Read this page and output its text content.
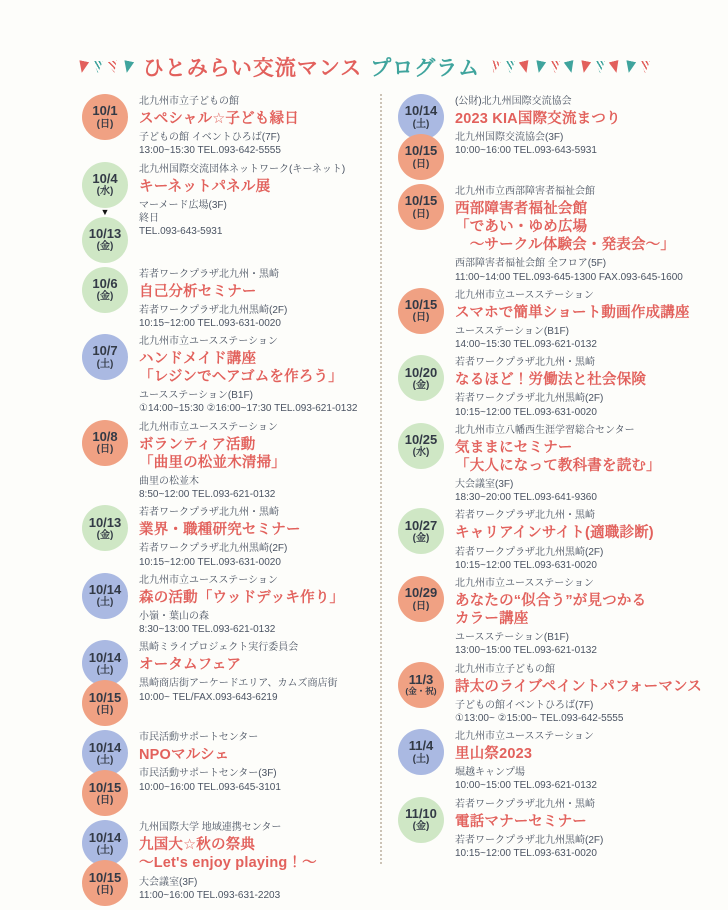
ひとみらい交流マンス プログラム
10/1
(日)
北九州市立子どもの館
スペシャル☆子ども縁日
子どもの館 イベントひろば(7F)
13:00~15:30 TEL.093-642-5555
10/4
(水)
▼
10/13
(金)
北九州国際交流団体ネットワーク(キーネット)
キーネットパネル展
マーメード広場(3F)
終日
TEL.093-643-5931
10/6
(金)
若者ワークプラザ北九州・黒崎
自己分析セミナー
若者ワークプラザ北九州黒崎(2F)
10:15~12:00 TEL.093-631-0020
10/7
(土)
北九州市立ユースステーション
ハンドメイド講座
「レジンでヘアゴムを作ろう」
ユースステーション(B1F)
①14:00~15:30 ②16:00~17:30 TEL.093-621-0132
10/8
(日)
北九州市立ユースステーション
ボランティア活動
「曲里の松並木清掃」
曲里の松並木
8:50~12:00 TEL.093-621-0132
10/13
(金)
若者ワークプラザ北九州・黒崎
業界・職種研究セミナー
若者ワークプラザ北九州黒崎(2F)
10:15~12:00 TEL.093-631-0020
10/14
(土)
北九州市立ユースステーション
森の活動「ウッドデッキ作り」
小嶺・葉山の森
8:30~13:00 TEL.093-621-0132
10/14
(土)
10/15
(日)
黒崎ミライプロジェクト実行委員会
オータムフェア
黒崎商店街アーケードエリア、カムズ商店街
10:00~ TEL/FAX.093-643-6219
10/14
(土)
10/15
(日)
市民活動サポートセンター
NPOマルシェ
市民活動サポートセンター(3F)
10:00~16:00 TEL.093-645-3101
10/14
(土)
10/15
(日)
九州国際大学 地域連携センター
九国大☆秋の祭典
～Let's enjoy playing！～
大会議室(3F)
11:00~16:00 TEL.093-631-2203
10/14
(土)
10/15
(日)
(公財)北九州国際交流協会
2023 KIA国際交流まつり
北九州国際交流協会(3F)
10:00~16:00 TEL.093-643-5931
10/15
(日)
北九州市立西部障害者福祉会館
西部障害者福祉会館
「であい・ゆめ広場
　～サークル体験会・発表会～」
西部障害者福祉会館 全フロア(5F)
11:00~14:00 TEL.093-645-1300 FAX.093-645-1600
10/15
(日)
北九州市立ユースステーション
スマホで簡単ショート動画作成講座
ユースステーション(B1F)
14:00~15:30 TEL.093-621-0132
10/20
(金)
若者ワークプラザ北九州・黒崎
なるほど！労働法と社会保険
若者ワークプラザ北九州黒崎(2F)
10:15~12:00 TEL.093-631-0020
10/25
(水)
北九州市立八幡西生涯学習総合センター
気ままにセミナー
「大人になって教科書を読む」
大会議室(3F)
18:30~20:00 TEL.093-641-9360
10/27
(金)
若者ワークプラザ北九州・黒崎
キャリアインサイト(適職診断)
若者ワークプラザ北九州黒崎(2F)
10:15~12:00 TEL.093-631-0020
10/29
(日)
北九州市立ユースステーション
あなたの“似合う”が見つかる
カラー講座
ユースステーション(B1F)
13:00~15:00 TEL.093-621-0132
11/3
(金・祝)
北九州市立子どもの館
詩太のライブペイントパフォーマンス
子どもの館イベントひろば(7F)
①13:00~ ②15:00~ TEL.093-642-5555
11/4
(土)
北九州市立ユースステーション
里山祭2023
堀越キャンプ場
10:00~15:00 TEL.093-621-0132
11/10
(金)
若者ワークプラザ北九州・黒崎
電話マナーセミナー
若者ワークプラザ北九州黒崎(2F)
10:15~12:00 TEL.093-631-0020
